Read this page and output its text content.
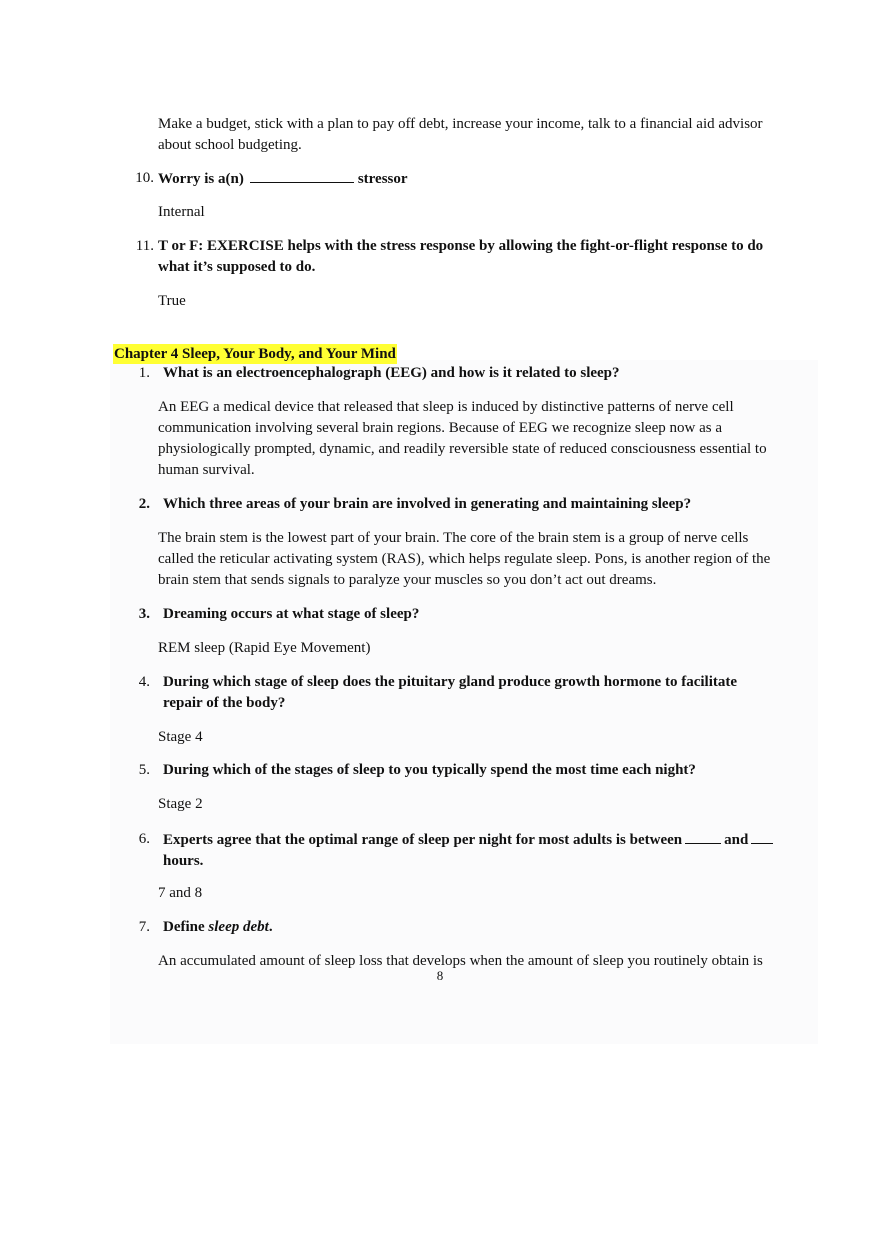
Make a budget, stick with a plan to pay off debt, increase your income, talk to a financial aid advisor about school budgeting.
10. Worry is a(n)	stressor
Internal
11. T or F: EXERCISE helps with the stress response by allowing the fight-or-flight response to do what it’s supposed to do.
True
Chapter 4 Sleep, Your Body, and Your Mind
1. What is an electroencephalograph (EEG) and how is it related to sleep?
An EEG a medical device that released that sleep is induced by distinctive patterns of nerve cell communication involving several brain regions. Because of EEG we recognize sleep now as a physiologically prompted, dynamic, and readily reversible state of reduced consciousness essential to human survival.
2. Which three areas of your brain are involved in generating and maintaining sleep?
The brain stem is the lowest part of your brain. The core of the brain stem is a group of nerve cells called the reticular activating system (RAS), which helps regulate sleep. Pons, is another region of the brain stem that sends signals to paralyze your muscles so you don’t act out dreams.
3. Dreaming occurs at what stage of sleep?
REM sleep (Rapid Eye Movement)
4. During which stage of sleep does the pituitary gland produce growth hormone to facilitate repair of the body?
Stage 4
5. During which of the stages of sleep to you typically spend the most time each night?
Stage 2
6. Experts agree that the optimal range of sleep per night for most adults is between	and
hours.
7 and 8
7. Define sleep debt.
An accumulated amount of sleep loss that develops when the amount of sleep you routinely obtain is
8
